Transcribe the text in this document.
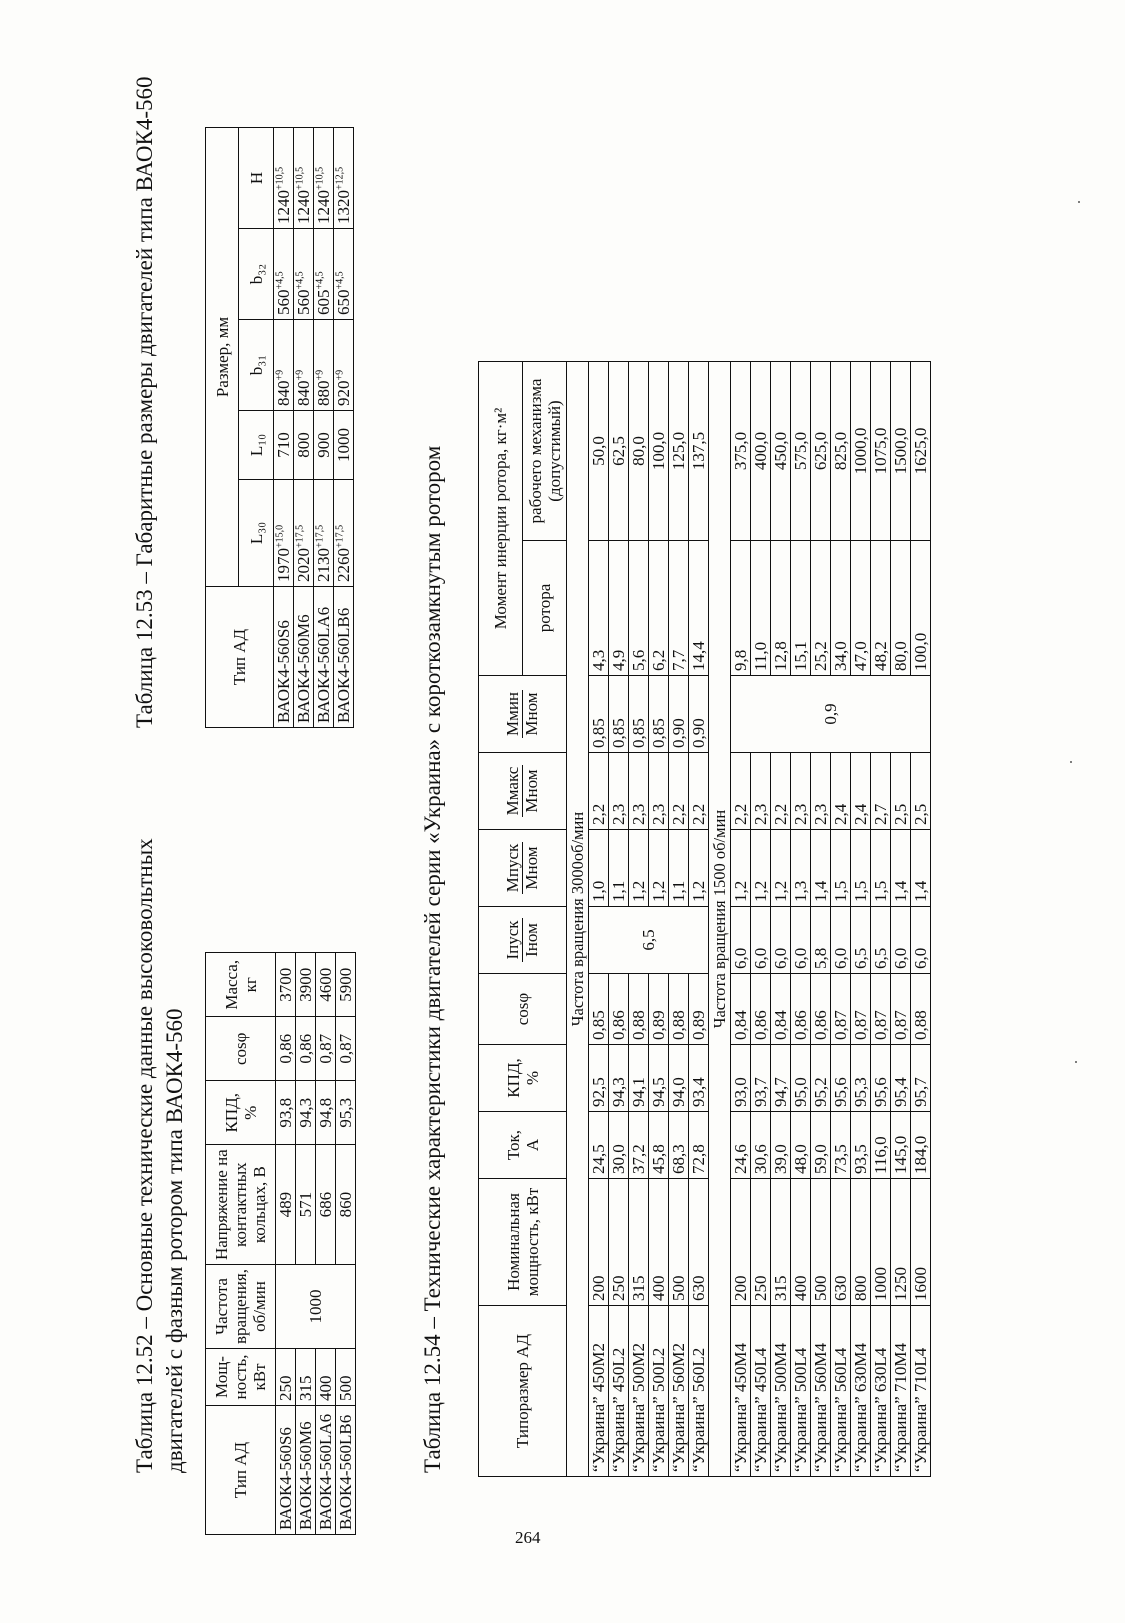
Таблица 12.52 – Основные технические данные высоковольтных двигателей с фазным ротором типа ВАОК4-560	Тип АД	Мощ- ность, кВт	Частота вращения, об/мин	Напряжение на контактных кольцах, В	КПД, %	cosφ	Масса, кг

ВАОК4-560S6	250	1000	489	93,8	0,86	3700
ВАОК4-560М6	315		571	94,3	0,86	3900
ВАОК4-560LA6	400		686	94,8	0,87	4600
ВАОК4-560LB6	500		860	95,3	0,87	5900
Таблица 12.53 – Габаритные размеры двигателей типа ВАОК4-560	Тип АД	Размер, мм				
	L₃₀	L₁₀	b₃₁	b₃₂	H
ВАОК4-560S6	$1970^{+15,0}$	710	$840^{+9}$	$560^{+4,5}$	$1240^{+10,5}$
ВАОК4-560М6	$2020^{+17,5}$	800	$840^{+9}$	$560^{+4,5}$	$1240^{+10,5}$
ВАОК4-560LA6	$2130^{+17,5}$	900	$880^{+9}$	$605^{+4,5}$	$1240^{+10,5}$
ВАОК4-560LB6	$2260^{+17,5}$	1000	$920^{+9}$	$650^{+4,5}$	$1320^{+12,5}$
Таблица 12.54 – Технические характеристики двигателей серии «Украина» с короткозамкнутым ротором	Типоразмер АД	Номинальная мощность, кВт	Ток, А	КПД, %	cosφ	Iпуск Iном	Мпуск Мном	Ммакс Мном	Ммин Мном	Момент инерции ротора, кг·м²	
									ротора	рабочего механизма (допустимый)

Частота вращения 3000об/мин										
“Украина” 450М2	200	24,5	92,5	0,85	6,5	1,0	2,2	0,85	4,3	50,0
“Украина” 450L2	250	30,0	94,3	0,86		1,1	2,3	0,85	4,9	62,5
“Украина” 500М2	315	37,2	94,1	0,88		1,2	2,3	0,85	5,6	80,0
“Украина” 500L2	400	45,8	94,5	0,89		1,2	2,3	0,85	6,2	100,0
“Украина” 560М2	500	68,3	94,0	0,88		1,1	2,2	0,90	7,7	125,0
“Украина” 560L2	630	72,8	93,4	0,89		1,2	2,2	0,90	14,4	137,5
Частота вращения 1500 об/мин										
“Украина” 450М4	200	24,6	93,0	0,84	6,0	1,2	2,2	0,9	9,8	375,0
“Украина” 450L4	250	30,6	93,7	0,86	6,0	1,2	2,3		11,0	400,0
“Украина” 500М4	315	39,0	94,7	0,84	6,0	1,2	2,2		12,8	450,0
“Украина” 500L4	400	48,0	95,0	0,86	6,0	1,3	2,3		15,1	575,0
“Украина” 560М4	500	59,0	95,2	0,86	5,8	1,4	2,3		25,2	625,0
“Украина” 560L4	630	73,5	95,6	0,87	6,0	1,5	2,4		34,0	825,0
“Украина” 630М4	800	93,5	95,3	0,87	6,5	1,5	2,4		47,0	1000,0
“Украина” 630L4	1000	116,0	95,6	0,87	6,5	1,5	2,7		48,2	1075,0
“Украина” 710М4	1250	145,0	95,4	0,87	6,0	1,4	2,5		80,0	1500,0
“Украина” 710L4	1600	184,0	95,7	0,88	6,0	1,4	2,5		100,0	1625,0
264
